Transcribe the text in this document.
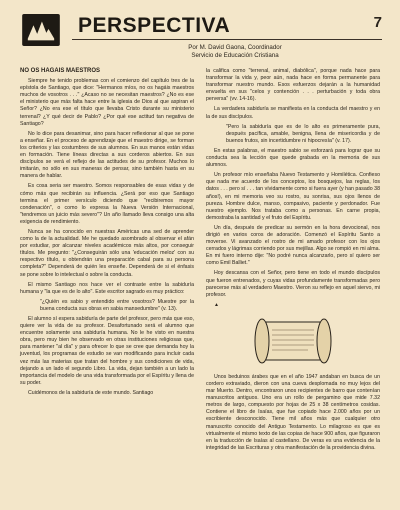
PERSPECTIVA	7
Por M. David Gaona, Coordinador
Servicio de Educación Cristiana

NO OS HAGAIS MAESTROS

Siempre he tenido problemas con el comienzo del capítulo tres de la epístola de Santiago, que dice: "Hermanos míos, no os hagáis maestros muchos de vosotros . . ." ¿Acaso no se necesitan maestros? ¿No es ese el ministerio que más falta hace entre la iglesia de Dios al que aspiran el Señor? ¿No era ese el título que llevaba Cristo durante su ministerio terrenal? ¿Y qué decir de Pablo? ¿Por qué ese actitud tan negativa de Santiago?

No lo dice para desanimar, sino para hacer reflexionar al que se pone a enseñar. En el proceso de aprendizaje que el maestro dirige, se forman los criterios y las costumbres de sus alumnos. En sus manos están vidas en formación. Tiene líneas directas a sus corderos abiertos. En sus discípulos se verá el reflejo de las actitudes de su profesor. Muchos lo imitarán, no sólo en sus maneras de pensar, sino también hasta en su manera de hablar.

Es cosa seria ser maestro. Somos responsables de esas vidas y de cómo más que recibirán su influencia. ¿Será por eso que Santiago termina el primer versículo diciendo que "recibiremos mayor condenación", o como lo expresa la Nueva Versión Internacional, "tendremos un juicio más severo"? Un año llamado lleva consigo una alta exigencia de rendimiento.

Nunca se ha conocido en nuestras Américas una sed de aprender como la de la actualidad. Me he quedado asombrado al observar el afán por estudiar, por alcanzar niveles académicos más altos, por conseguir títulos. Me pregunto: "¿Conseguirán sólo una 'educación meloz' con su respectivo título, u obtendrán una preparación cabal para su persona completa?" Dependerá de quién les enseñe. Dependerá de si el énfasis se pone sobre lo intelectual o sobre la conducta.

El mismo Santiago nos hace ver el contraste entre la sabiduría humana y "la que es de lo alto". Este escritor sagrado es muy práctico:

"¿Quién es sabio y entendido entre vosotros? Muestre por la buena conducta sus obras en sabia mansedumbre" (v. 13).

El alumno sí espera sabiduría de parte del profesor, pero más que eso, quiere ver la vida de su profesor. Desafortunado será el alumno que encuentre solamente una sabiduría humana. No le he visto en nuestra obra, pero muy bien he observado en otras instituciones religiosas que, para mantener "al día" y para ofrecer lo que se cree que demanda hoy la juventud, los programas de estudio se van modificando para incluir cada vez más las materias que tratan del hombre y sus condiciones de vida, dejando a un lado el segundo Libro. La vida, dejan también a un lado la importancia del modelo de una vida transformada por el Espíritu y llena de su poder.

Cuidémonos de la sabiduría de este mundo. Santiago

la califica como "terrenal, animal, diabólica", porque nada hace para transformar la vida y, peor aún, nada hace en forma permanente para transformar nuestro mundo. Esos esfuerzos dejarán a la humanidad envuelta en sus "celos y contención . . . perturbación y toda obra perversa" (vv. 14-16).

La verdadera sabiduría se manifiesta en la conducta del maestro y en la de sus discípulos.

"Pero la sabiduría que es de lo alto es primeramente pura, después pacífica, amable, benigna, llena de misericordia y de buenos frutos, sin incertidumbre ni hipocresía" (v. 17).

En estas palabras, el maestro sabio se esforzará para lograr que su conducta sea la lección que quede grabada en la memoria de sus alumnos.

Un profesor mío enseñaba Nuevo Testamento y Homilética. Confieso que nada me acuerdo de los conceptos, los bosquejos, las reglas, los datos . . . pero sí . . . tan vívidamente como si fuera ayer (y han pasado 38 años!), en mi memoria veo su rostro, su sonrisa, sus ojos llenos de pureza. Hombre dulce, manso, compasivo, paciente y perdonador. Fue nuestro ejemplo. Nos trataba como a personas. En carne propia, demostraba la santidad y el fruto del Espíritu.

Un día, después de predicar su sermón en la hora devocional, nos dirigió en varios coros de adoración. Comenzó el Espíritu Santo a moverse. Vi avanzado el rostro de mi amado profesor con los ojos cerrados y lágrimas corriendo por sus mejillas. Algo se rompió en mi alma. En mi fuero interno dije: "No podré nunca alcanzarlo, pero sí quiero ser como Emil Balliet."

Hoy descansa con el Señor, pero tiene en todo el mundo discípulos que fueron entrenados, y cuyas vidas profundamente transformadas pero parecerse más al verdadero Maestro. Vieron su reflejo en aquel siervo, mi profesor.

▲

Unos beduinos árabes que en el año 1947 andaban en busca de un cordero extraviado, dieron con una cueva desplomada no muy lejos del mar Muerto. Dentro, encontraron unos recipientes de barro que contenían manuscritos antiguos. Uno era un rollo de pergamino que mide 7.32 metros de largo, compuesto por hojas de 25 x 38 centímetros cosidas. Contiene el libro de Isaías, que fue copiado hace 2.000 años por un escribiente desconocido. Tiene mil años más que cualquier otro manuscrito conocido del Antiguo Testamento. Lo milagroso es que es virtualmente el mismo texto de las copias de hace 900 años, que figuraron en la traducción de Isaías al castellano. De veras es una evidencia de la integridad de las Escrituras y otra manifestación de la providencia divina.
